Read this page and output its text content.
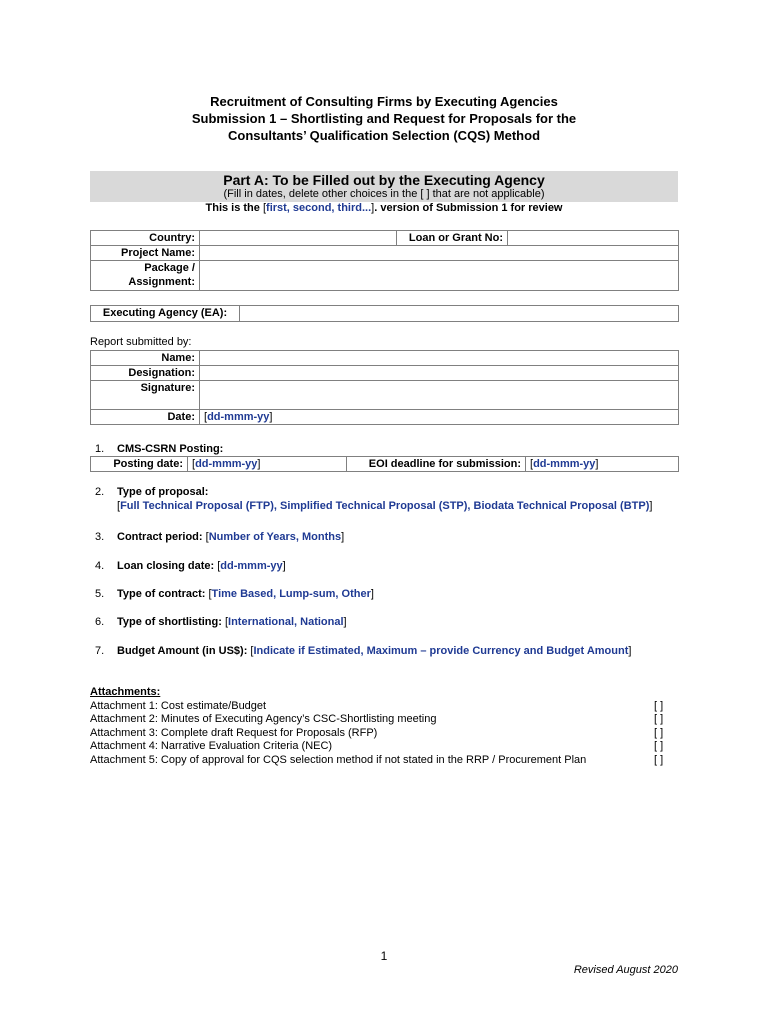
Recruitment of Consulting Firms by Executing Agencies
Submission 1 – Shortlisting and Request for Proposals for the
Consultants’ Qualification Selection (CQS) Method
Part A: To be Filled out by the Executing Agency
(Fill in dates, delete other choices in the [ ] that are not applicable)
This is the [first, second, third...]. version of Submission 1 for review
Country:		Loan or Grant No:	
Project Name:			

Package /
Assignment:			

Executing Agency (EA):	
Report submitted by:
Name:	
Designation:	
Signature:	
Date:	[dd-mmm-yy]
1. CMS-CSRN Posting:
Posting date:	[dd-mmm-yy]	EOI deadline for submission:	[dd-mmm-yy]
2. Type of proposal:
[Full Technical Proposal (FTP), Simplified Technical Proposal (STP), Biodata Technical Proposal (BTP)]
3. Contract period: [Number of Years, Months]
4. Loan closing date: [dd-mmm-yy]
5. Type of contract: [Time Based, Lump-sum, Other]
6. Type of shortlisting: [International, National]
7. Budget Amount (in US$): [Indicate if Estimated, Maximum – provide Currency and Budget Amount]
Attachments:
Attachment 1: Cost estimate/Budget	[ ]
Attachment 2: Minutes of Executing Agency’s CSC-Shortlisting meeting	[ ]
Attachment 3: Complete draft Request for Proposals (RFP)	[ ]
Attachment 4: Narrative Evaluation Criteria (NEC)	[ ]
Attachment 5: Copy of approval for CQS selection method if not stated in the RRP / Procurement Plan	[ ]
1
Revised August 2020
